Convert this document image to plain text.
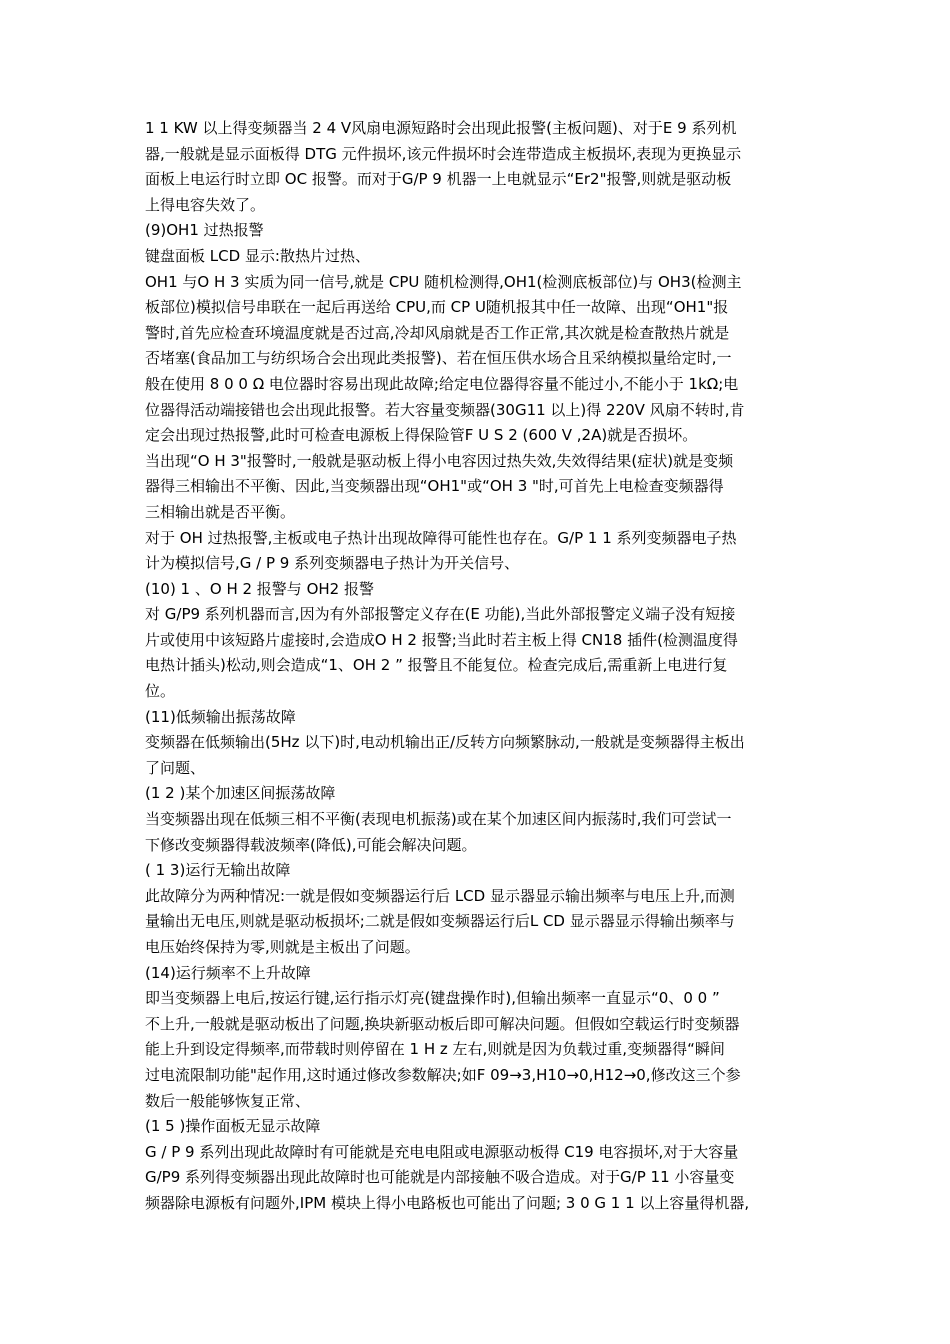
1 1 KW 以上得变频器当 2 4 V风扇电源短路时会出现此报警(主板问题)、对于E 9 系列机
器,一般就是显示面板得 DTG 元件损坏,该元件损坏时会连带造成主板损坏,表现为更换显示
面板上电运行时立即 OC 报警。而对于G/P 9 机器一上电就显示“Er2"报警,则就是驱动板
上得电容失效了。
(9)OH1 过热报警
键盘面板 LCD 显示:散热片过热、
OH1 与O H 3 实质为同一信号,就是 CPU 随机检测得,OH1(检测底板部位)与 OH3(检测主
板部位)模拟信号串联在一起后再送给 CPU,而 CP U随机报其中任一故障、出现“OH1"报
警时,首先应检查环境温度就是否过高,冷却风扇就是否工作正常,其次就是检查散热片就是
否堵塞(食品加工与纺织场合会出现此类报警)、若在恒压供水场合且采纳模拟量给定时,一
般在使用 8 0 0 Ω 电位器时容易出现此故障;给定电位器得容量不能过小,不能小于 1kΩ;电
位器得活动端接错也会出现此报警。若大容量变频器(30G11 以上)得 220V 风扇不转时,肯
定会出现过热报警,此时可检查电源板上得保险管F U S 2 (600 V ,2A)就是否损坏。
当出现“O H 3"报警时,一般就是驱动板上得小电容因过热失效,失效得结果(症状)就是变频
器得三相输出不平衡、因此,当变频器出现“OH1"或“OH 3 "时,可首先上电检查变频器得
三相输出就是否平衡。
对于 OH 过热报警,主板或电子热计出现故障得可能性也存在。G/P 1 1 系列变频器电子热
计为模拟信号,G / P 9 系列变频器电子热计为开关信号、
(10) 1 、O H 2 报警与 OH2 报警
对 G/P9 系列机器而言,因为有外部报警定义存在(E 功能),当此外部报警定义端子没有短接
片或使用中该短路片虚接时,会造成O H 2 报警;当此时若主板上得 CN18 插件(检测温度得
电热计插头)松动,则会造成“1、OH 2 ” 报警且不能复位。检查完成后,需重新上电进行复
位。
(11)低频输出振荡故障
变频器在低频输出(5Hz 以下)时,电动机输出正/反转方向频繁脉动,一般就是变频器得主板出
了问题、
(1 2 )某个加速区间振荡故障
当变频器出现在低频三相不平衡(表现电机振荡)或在某个加速区间内振荡时,我们可尝试一
下修改变频器得载波频率(降低),可能会解决问题。
( 1 3)运行无输出故障
此故障分为两种情况:一就是假如变频器运行后 LCD 显示器显示输出频率与电压上升,而测
量输出无电压,则就是驱动板损坏;二就是假如变频器运行后L CD 显示器显示得输出频率与
电压始终保持为零,则就是主板出了问题。
(14)运行频率不上升故障
即当变频器上电后,按运行键,运行指示灯亮(键盘操作时),但输出频率一直显示“0、0 0 ”
不上升,一般就是驱动板出了问题,换块新驱动板后即可解决问题。但假如空载运行时变频器
能上升到设定得频率,而带载时则停留在 1 H z 左右,则就是因为负载过重,变频器得“瞬间
过电流限制功能"起作用,这时通过修改参数解决;如F 09→3,H10→0,H12→0,修改这三个参
数后一般能够恢复正常、
(1 5 )操作面板无显示故障
G / P 9 系列出现此故障时有可能就是充电电阻或电源驱动板得 C19 电容损坏,对于大容量
G/P9 系列得变频器出现此故障时也可能就是内部接触不吸合造成。对于G/P 11 小容量变
频器除电源板有问题外,IPM 模块上得小电路板也可能出了问题; 3 0 G 1 1 以上容量得机器,
